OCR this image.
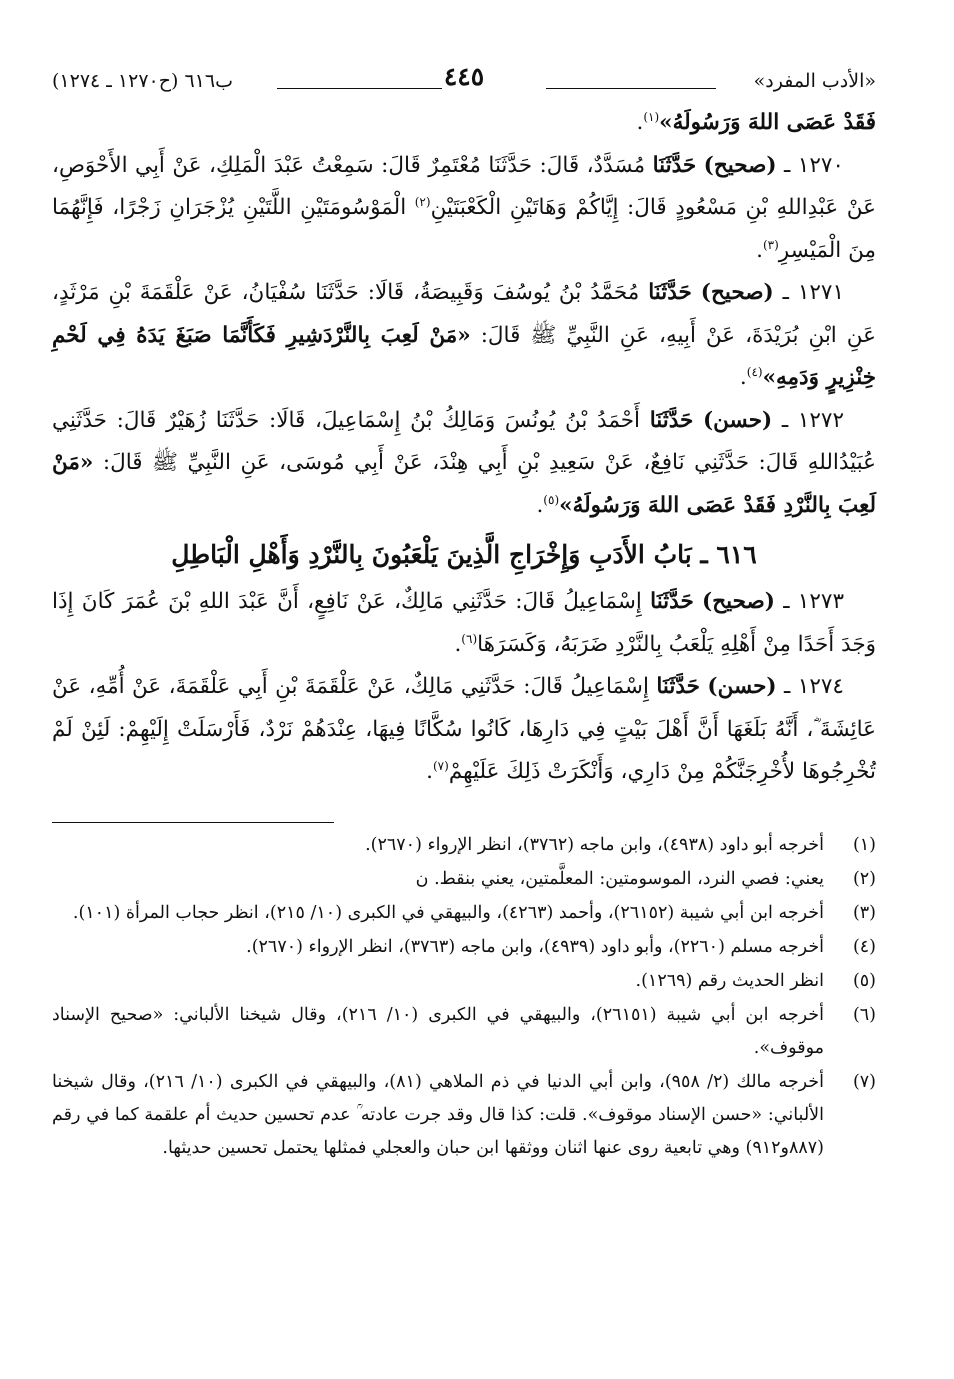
«الأدب المفرد»
٤٤٥
ب٦١٦ (ح١٢٧٠ ـ ١٢٧٤)

فَقَدْ عَصَى اللهَ وَرَسُولَهُ»$^{(١)}$.

١٢٧٠ ـ (صحيح) حَدَّثَنَا مُسَدَّدٌ، قَالَ: حَدَّثَنَا مُعْتَمِرٌ قَالَ: سَمِعْتُ عَبْدَ الْمَلِكِ، عَنْ أَبِي الأَحْوَصِ، عَنْ عَبْدِاللهِ بْنِ مَسْعُودٍ قَالَ: إِيَّاكُمْ وَهَاتَيْنِ الْكَعْبَتَيْنِ$^{(٢)}$ الْمَوْسُومَتَيْنِ اللَّتَيْنِ يُزْجَرَانِ زَجْرًا، فَإِنَّهُمَا مِنَ الْمَيْسِرِ$^{(٣)}$.

١٢٧١ ـ (صحيح) حَدَّثَنَا مُحَمَّدُ بْنُ يُوسُفَ وَقَبِيصَةُ، قَالَا: حَدَّثَنَا سُفْيَانُ، عَنْ عَلْقَمَةَ بْنِ مَرْثَدٍ، عَنِ ابْنِ بُرَيْدَةَ، عَنْ أَبِيهِ، عَنِ النَّبِيِّ ﷺ قَالَ: «مَنْ لَعِبَ بِالنَّرْدَشِيرِ فَكَأَنَّمَا صَبَغَ يَدَهُ فِي لَحْمِ خِنْزِيرٍ وَدَمِهِ»$^{(٤)}$.

١٢٧٢ ـ (حسن) حَدَّثَنَا أَحْمَدُ بْنُ يُونُسَ وَمَالِكُ بْنُ إِسْمَاعِيلَ، قَالَا: حَدَّثَنَا زُهَيْرٌ قَالَ: حَدَّثَنِي عُبَيْدُاللهِ قَالَ: حَدَّثَنِي نَافِعٌ، عَنْ سَعِيدِ بْنِ أَبِي هِنْدَ، عَنْ أَبِي مُوسَى، عَنِ النَّبِيِّ ﷺ قَالَ: «مَنْ لَعِبَ بِالنَّرْدِ فَقَدْ عَصَى اللهَ وَرَسُولَهُ»$^{(٥)}$.

٦١٦ ـ بَابُ الأَدَبِ وَإِخْرَاجِ الَّذِينَ يَلْعَبُونَ بِالنَّرْدِ وَأَهْلِ الْبَاطِلِ

١٢٧٣ ـ (صحيح) حَدَّثَنَا إِسْمَاعِيلُ قَالَ: حَدَّثَنِي مَالِكٌ، عَنْ نَافِعٍ، أَنَّ عَبْدَ اللهِ بْنَ عُمَرَ كَانَ إِذَا وَجَدَ أَحَدًا مِنْ أَهْلِهِ يَلْعَبُ بِالنَّرْدِ ضَرَبَهُ، وَكَسَرَهَا$^{(٦)}$.

١٢٧٤ ـ (حسن) حَدَّثَنَا إِسْمَاعِيلُ قَالَ: حَدَّثَنِي مَالِكٌ، عَنْ عَلْقَمَةَ بْنِ أَبِي عَلْقَمَةَ، عَنْ أُمِّهِ، عَنْ عَائِشَةَ ؓ، أَنَّهُ بَلَغَهَا أَنَّ أَهْلَ بَيْتٍ فِي دَارِهَا، كَانُوا سُكَّانًا فِيهَا، عِنْدَهُمْ نَرْدٌ، فَأَرْسَلَتْ إِلَيْهِمْ: لَئِنْ لَمْ تُخْرِجُوهَا لأُخْرِجَنَّكُمْ مِنْ دَارِي، وَأَنْكَرَتْ ذَلِكَ عَلَيْهِمْ$^{(٧)}$.

(١)
أخرجه أبو داود (٤٩٣٨)، وابن ماجه (٣٧٦٢)، انظر الإرواء (٢٦٧٠).
(٢)
يعني: فصي النرد، الموسومتين: المعلَّمتين، يعني بنقط. ن
(٣)
أخرجه ابن أبي شيبة (٢٦١٥٢)، وأحمد (٤٢٦٣)، والبيهقي في الكبرى (١٠/ ٢١٥)، انظر حجاب المرأة (١٠١).
(٤)
أخرجه مسلم (٢٢٦٠)، وأبو داود (٤٩٣٩)، وابن ماجه (٣٧٦٣)، انظر الإرواء (٢٦٧٠).
(٥)
انظر الحديث رقم (١٢٦٩).
(٦)
أخرجه ابن أبي شيبة (٢٦١٥١)، والبيهقي في الكبرى (١٠/ ٢١٦)، وقال شيخنا الألباني: «صحيح الإسناد موقوف».
(٧)
أخرجه مالك (٢/ ٩٥٨)، وابن أبي الدنيا في ذم الملاهي (٨١)، والبيهقي في الكبرى (١٠/ ٢١٦)، وقال شيخنا الألباني: «حسن الإسناد موقوف». قلت: كذا قال وقد جرت عادته ؒ عدم تحسين حديث أم علقمة كما في رقم (٨٨٧و٩١٢) وهي تابعية روى عنها اثنان ووثقها ابن حبان والعجلي فمثلها يحتمل تحسين حديثها.
